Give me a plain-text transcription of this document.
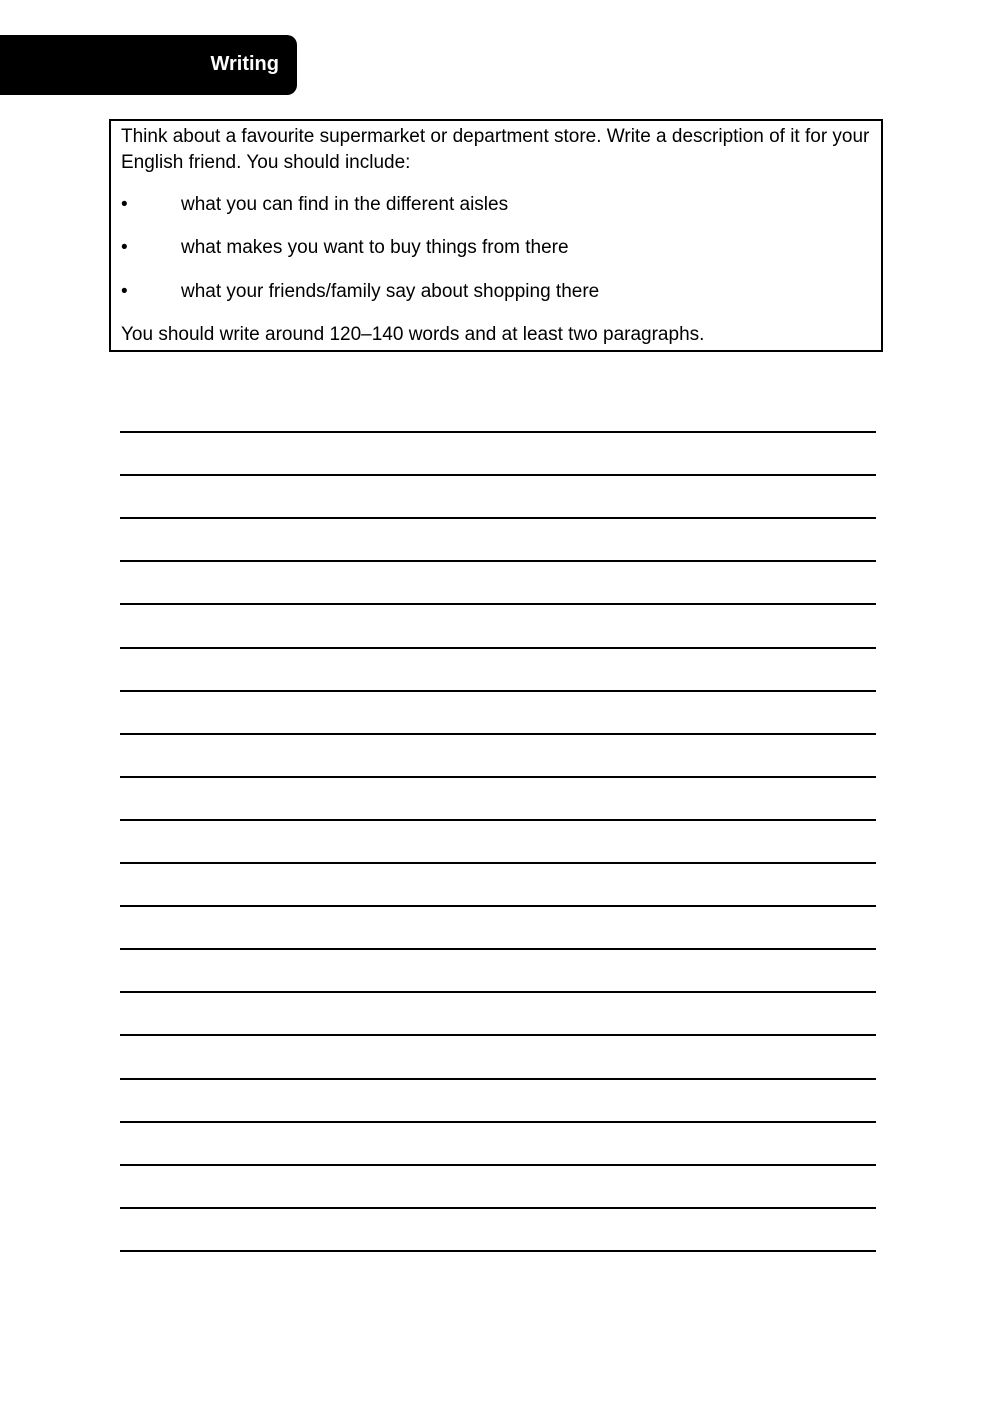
Writing

Think about a favourite supermarket or department store. Write a description of it for your English friend. You should include:

•	what you can find in the different aisles
•	what makes you want to buy things from there
•	what your friends/family say about shopping there
You should write around 120–140 words and at least two paragraphs.
